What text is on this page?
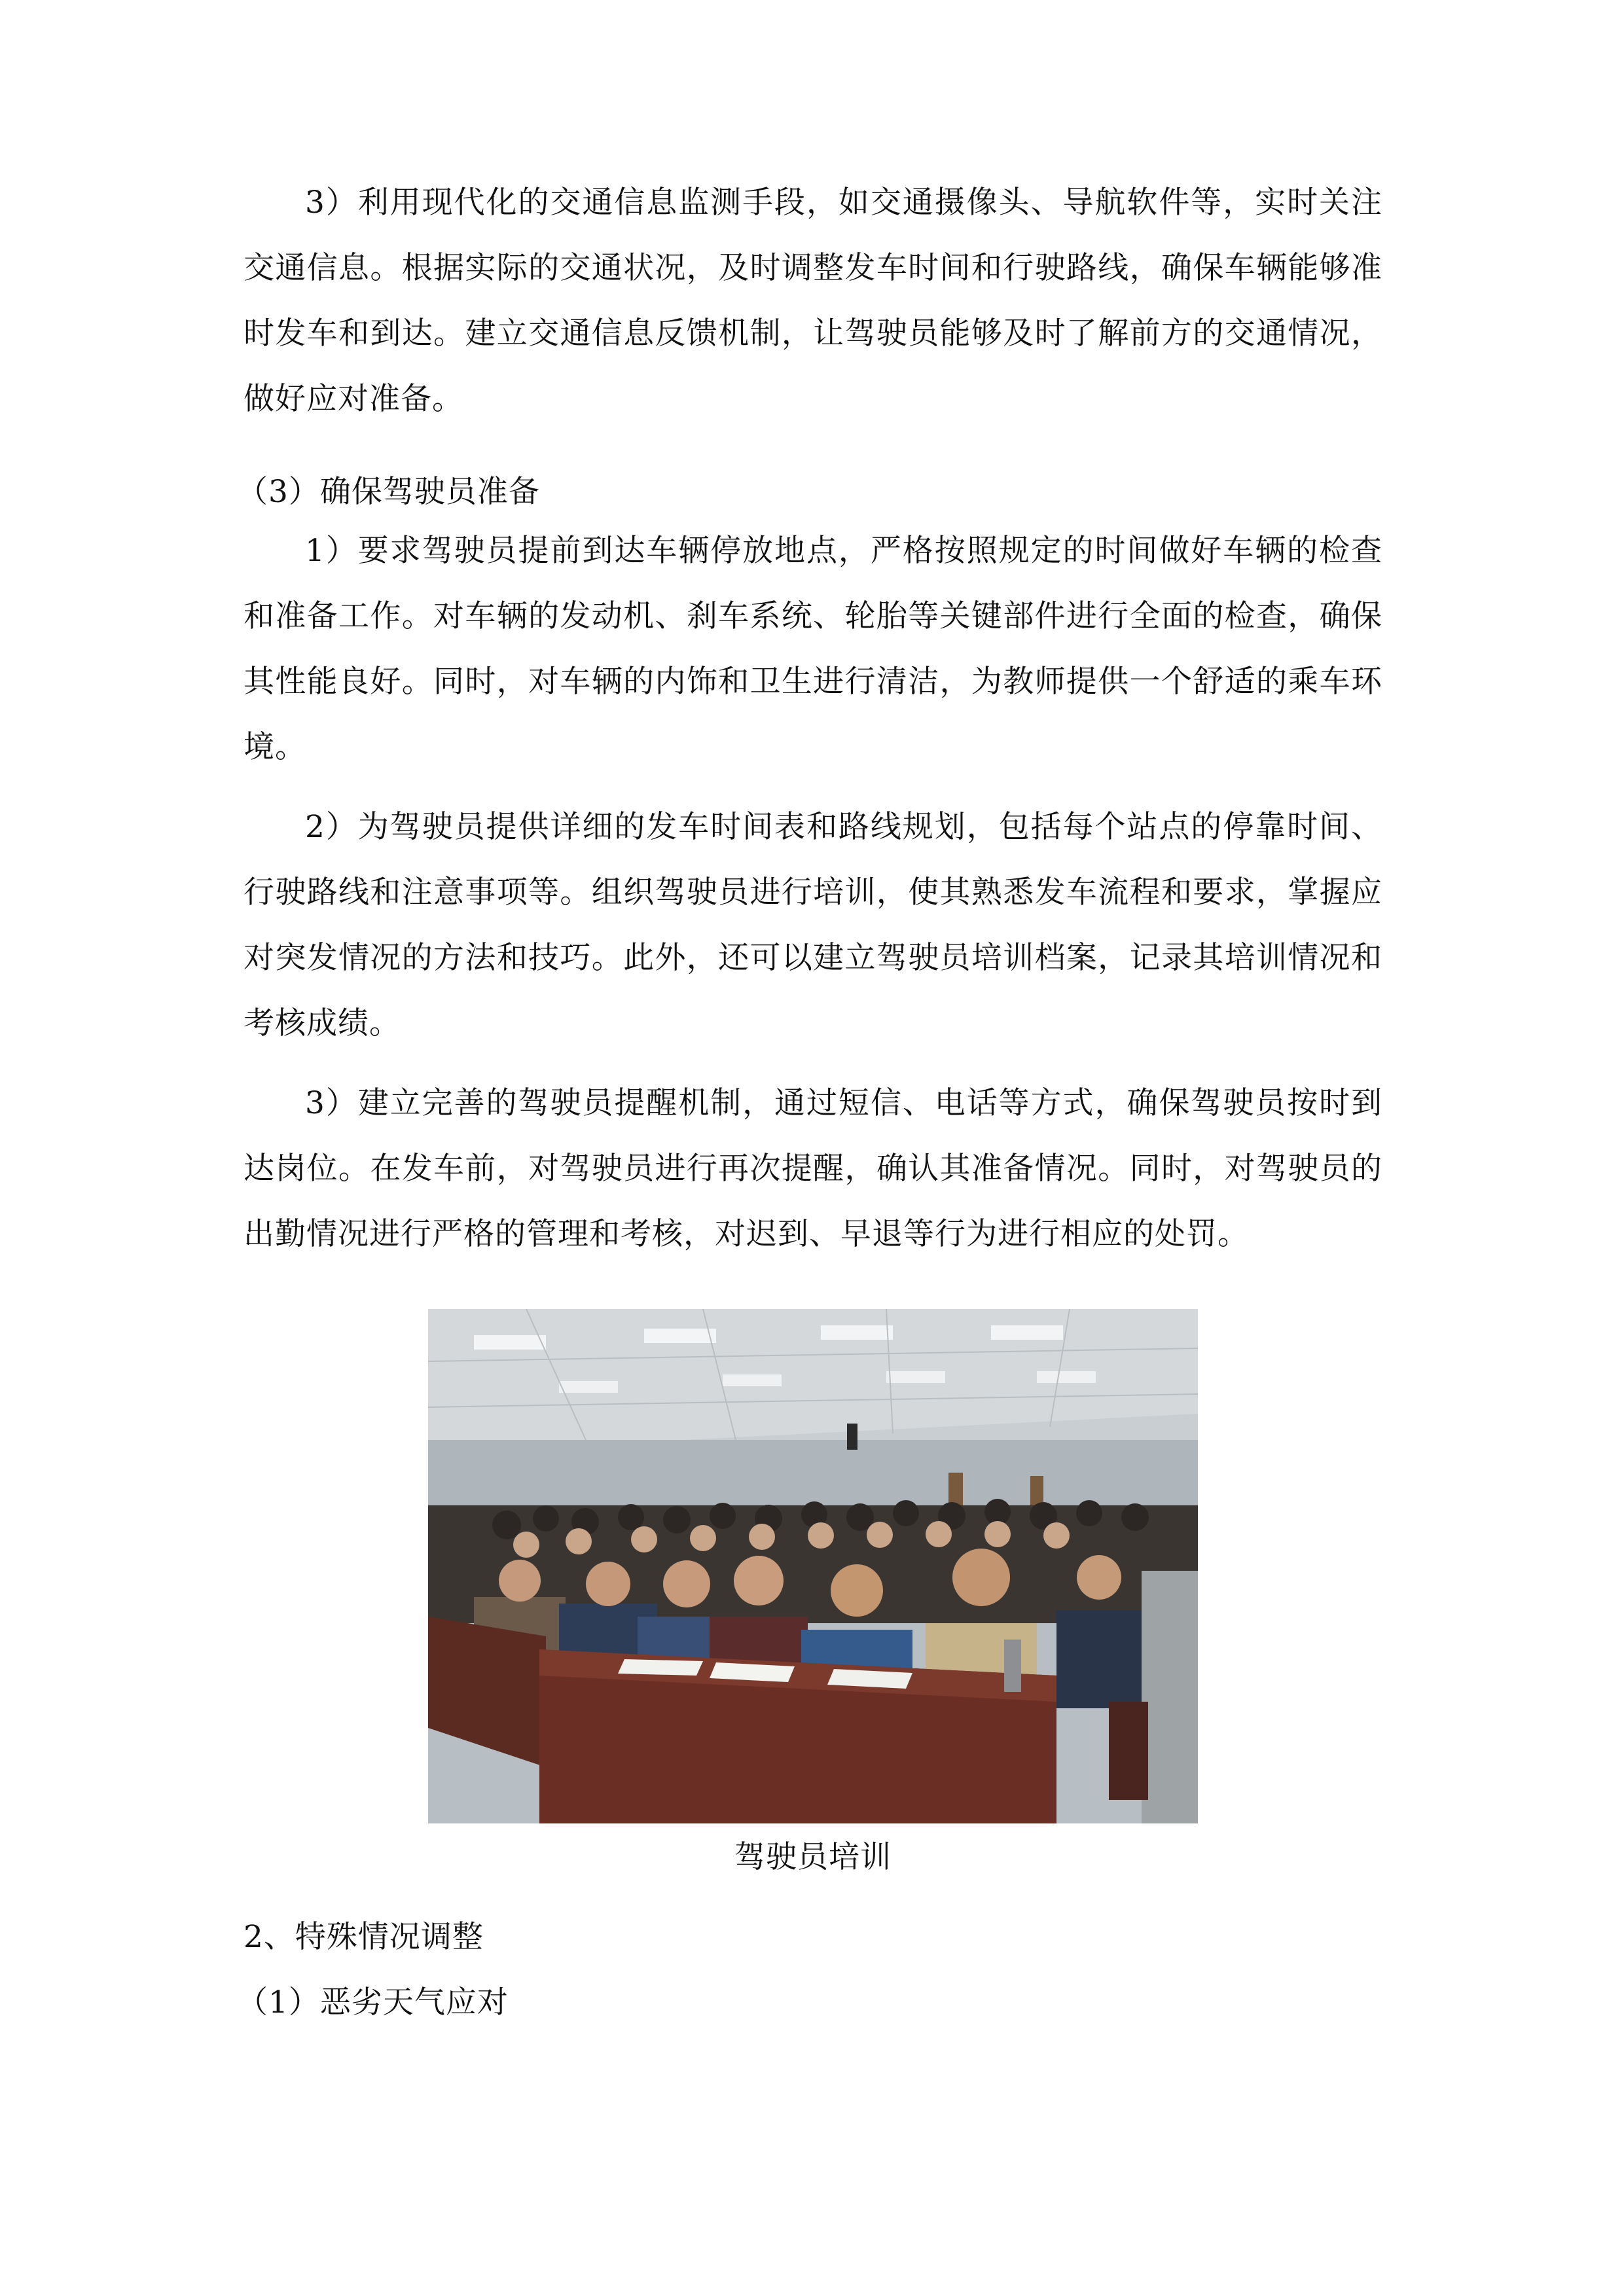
3）利用现代化的交通信息监测手段，如交通摄像头、导航软件等，实时关注交通信息。根据实际的交通状况，及时调整发车时间和行驶路线，确保车辆能够准时发车和到达。建立交通信息反馈机制，让驾驶员能够及时了解前方的交通情况，做好应对准备。

（3）确保驾驶员准备

1）要求驾驶员提前到达车辆停放地点，严格按照规定的时间做好车辆的检查和准备工作。对车辆的发动机、刹车系统、轮胎等关键部件进行全面的检查，确保其性能良好。同时，对车辆的内饰和卫生进行清洁，为教师提供一个舒适的乘车环境。

2）为驾驶员提供详细的发车时间表和路线规划，包括每个站点的停靠时间、行驶路线和注意事项等。组织驾驶员进行培训，使其熟悉发车流程和要求，掌握应对突发情况的方法和技巧。此外，还可以建立驾驶员培训档案，记录其培训情况和考核成绩。

3）建立完善的驾驶员提醒机制，通过短信、电话等方式，确保驾驶员按时到达岗位。在发车前，对驾驶员进行再次提醒，确认其准备情况。同时，对驾驶员的出勤情况进行严格的管理和考核，对迟到、早退等行为进行相应的处罚。

驾驶员培训

2、特殊情况调整

（1）恶劣天气应对
